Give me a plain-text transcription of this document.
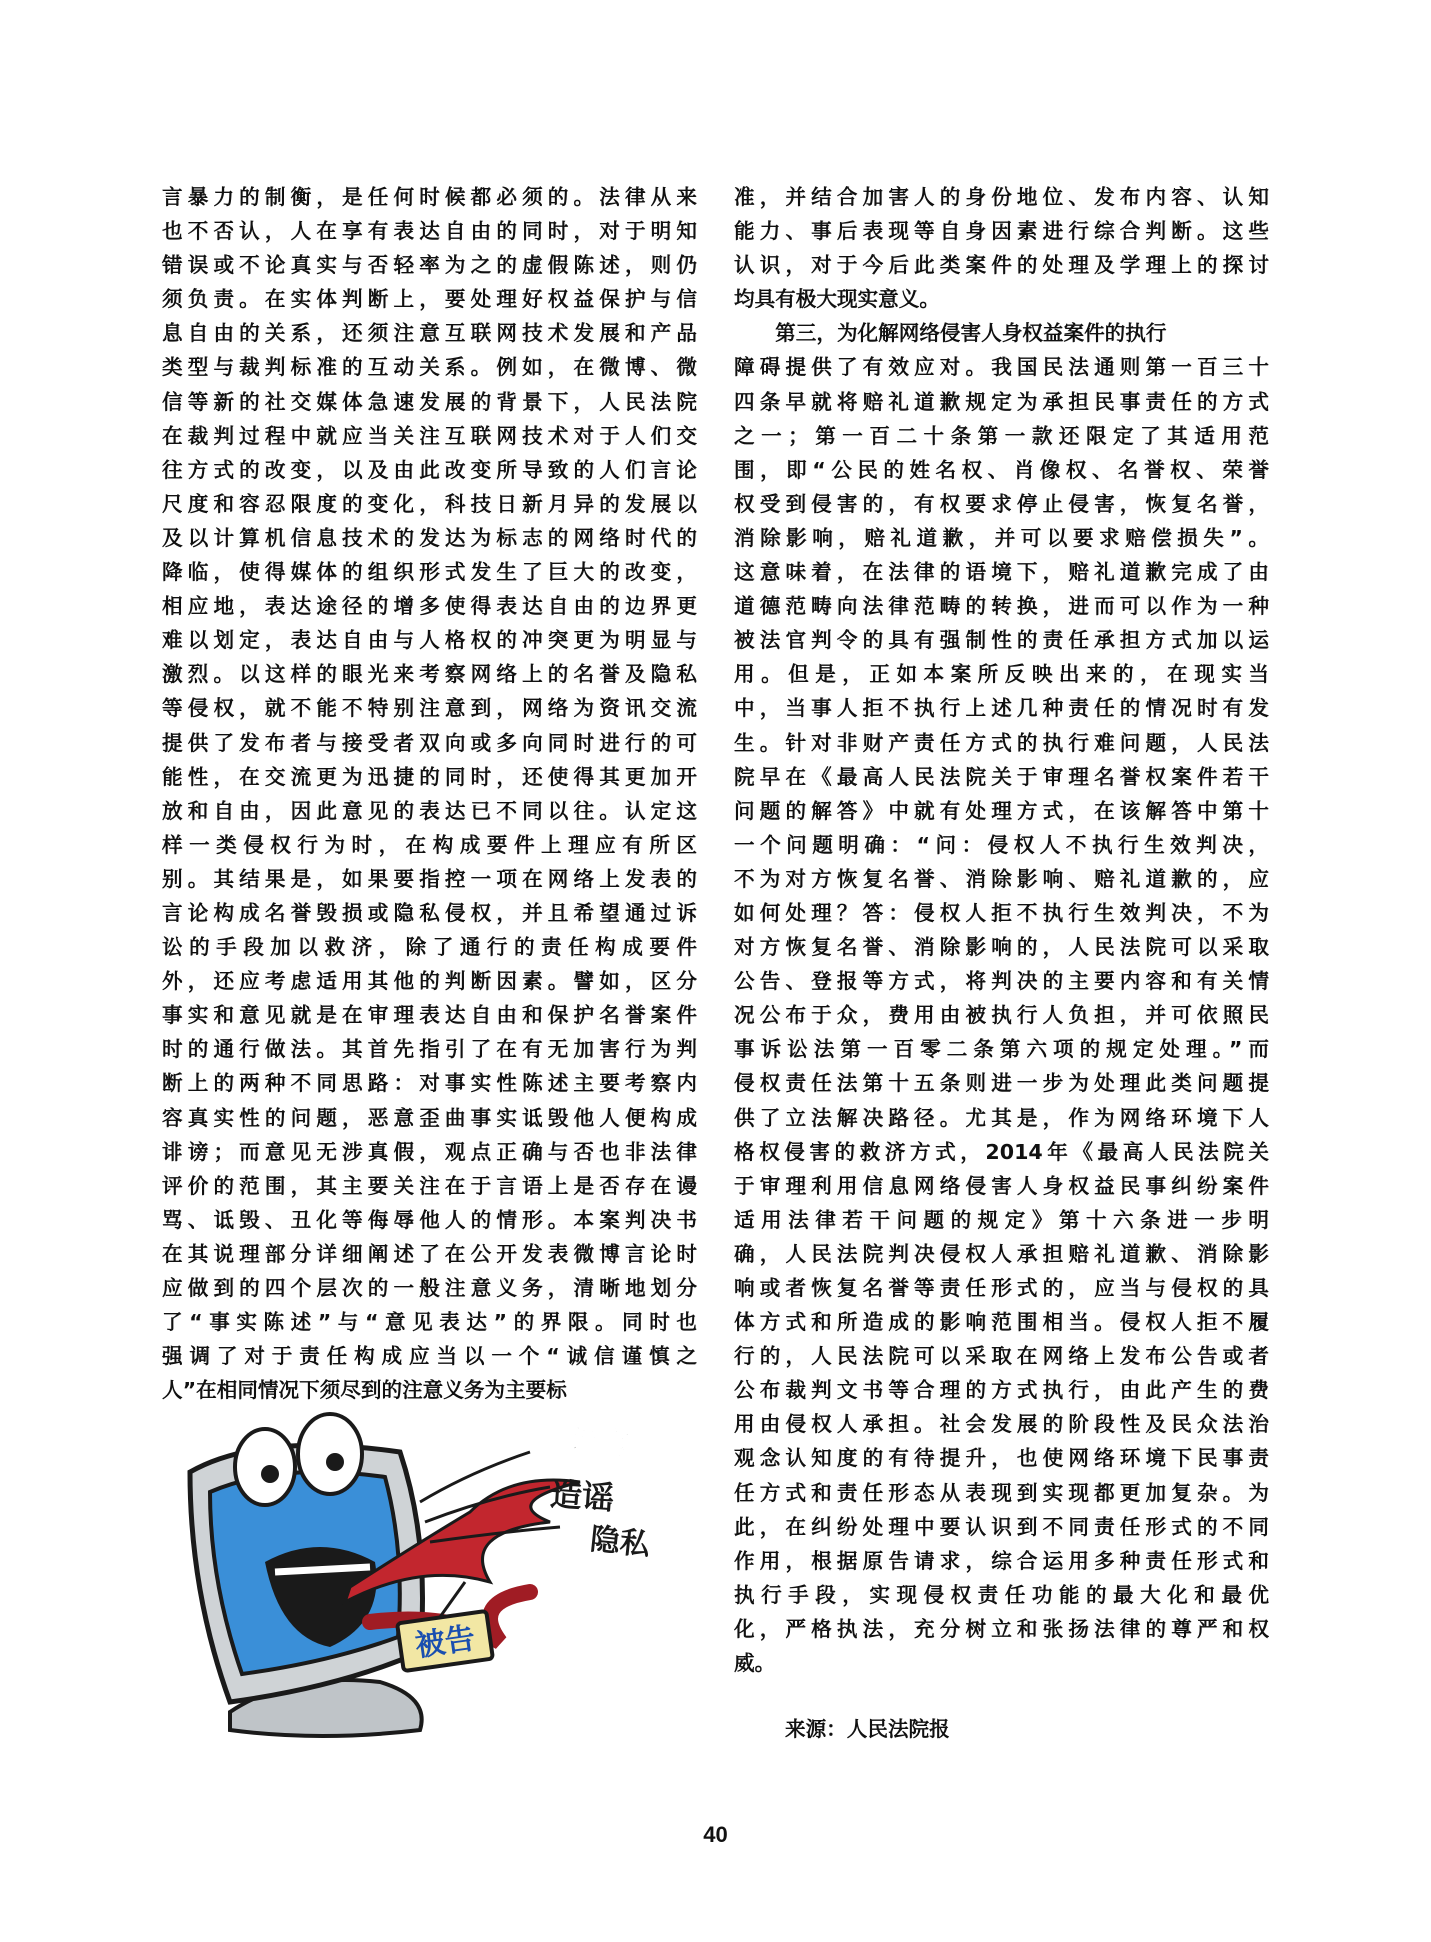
言暴力的制衡，是任何时候都必须的。法律从来
也不否认，人在享有表达自由的同时，对于明知
错误或不论真实与否轻率为之的虚假陈述，则仍
须负责。在实体判断上，要处理好权益保护与信
息自由的关系，还须注意互联网技术发展和产品
类型与裁判标准的互动关系。例如，在微博、微
信等新的社交媒体急速发展的背景下，人民法院
在裁判过程中就应当关注互联网技术对于人们交
往方式的改变，以及由此改变所导致的人们言论
尺度和容忍限度的变化，科技日新月异的发展以
及以计算机信息技术的发达为标志的网络时代的
降临，使得媒体的组织形式发生了巨大的改变，
相应地，表达途径的增多使得表达自由的边界更
难以划定，表达自由与人格权的冲突更为明显与
激烈。以这样的眼光来考察网络上的名誉及隐私
等侵权，就不能不特别注意到，网络为资讯交流
提供了发布者与接受者双向或多向同时进行的可
能性，在交流更为迅捷的同时，还使得其更加开
放和自由，因此意见的表达已不同以往。认定这
样一类侵权行为时，在构成要件上理应有所区
别。其结果是，如果要指控一项在网络上发表的
言论构成名誉毁损或隐私侵权，并且希望通过诉
讼的手段加以救济，除了通行的责任构成要件
外，还应考虑适用其他的判断因素。譬如，区分
事实和意见就是在审理表达自由和保护名誉案件
时的通行做法。其首先指引了在有无加害行为判
断上的两种不同思路：对事实性陈述主要考察内
容真实性的问题，恶意歪曲事实诋毁他人便构成
诽谤；而意见无涉真假，观点正确与否也非法律
评价的范围，其主要关注在于言语上是否存在谩
骂、诋毁、丑化等侮辱他人的情形。本案判决书
在其说理部分详细阐述了在公开发表微博言论时
应做到的四个层次的一般注意义务，清晰地划分
了“事实陈述”与“意见表达”的界限。同时也
强调了对于责任构成应当以一个“诚信谨慎之
人”在相同情况下须尽到的注意义务为主要标
准，并结合加害人的身份地位、发布内容、认知
能力、事后表现等自身因素进行综合判断。这些
认识，对于今后此类案件的处理及学理上的探讨
均具有极大现实意义。
　　第三，为化解网络侵害人身权益案件的执行
障碍提供了有效应对。我国民法通则第一百三十
四条早就将赔礼道歉规定为承担民事责任的方式
之一；第一百二十条第一款还限定了其适用范
围，即“公民的姓名权、肖像权、名誉权、荣誉
权受到侵害的，有权要求停止侵害，恢复名誉，
消除影响，赔礼道歉，并可以要求赔偿损失”。
这意味着，在法律的语境下，赔礼道歉完成了由
道德范畴向法律范畴的转换，进而可以作为一种
被法官判令的具有强制性的责任承担方式加以运
用。但是，正如本案所反映出来的，在现实当
中，当事人拒不执行上述几种责任的情况时有发
生。针对非财产责任方式的执行难问题，人民法
院早在《最高人民法院关于审理名誉权案件若干
问题的解答》中就有处理方式，在该解答中第十
一个问题明确：“问：侵权人不执行生效判决，
不为对方恢复名誉、消除影响、赔礼道歉的，应
如何处理？答：侵权人拒不执行生效判决，不为
对方恢复名誉、消除影响的，人民法院可以采取
公告、登报等方式，将判决的主要内容和有关情
况公布于众，费用由被执行人负担，并可依照民
事诉讼法第一百零二条第六项的规定处理。”而
侵权责任法第十五条则进一步为处理此类问题提
供了立法解决路径。尤其是，作为网络环境下人
格权侵害的救济方式，2014年《最高人民法院关
于审理利用信息网络侵害人身权益民事纠纷案件
适用法律若干问题的规定》第十六条进一步明
确，人民法院判决侵权人承担赔礼道歉、消除影
响或者恢复名誉等责任形式的，应当与侵权的具
体方式和所造成的影响范围相当。侵权人拒不履
行的，人民法院可以采取在网络上发布公告或者
公布裁判文书等合理的方式执行，由此产生的费
用由侵权人承担。社会发展的阶段性及民众法治
观念认知度的有待提升，也使网络环境下民事责
任方式和责任形态从表现到实现都更加复杂。为
此，在纠纷处理中要认识到不同责任形式的不同
作用，根据原告请求，综合运用多种责任形式和
执行手段，实现侵权责任功能的最大化和最优
化，严格执法，充分树立和张扬法律的尊严和权
威。
被告
谎言
造谣
隐私
来源：人民法院报
40
